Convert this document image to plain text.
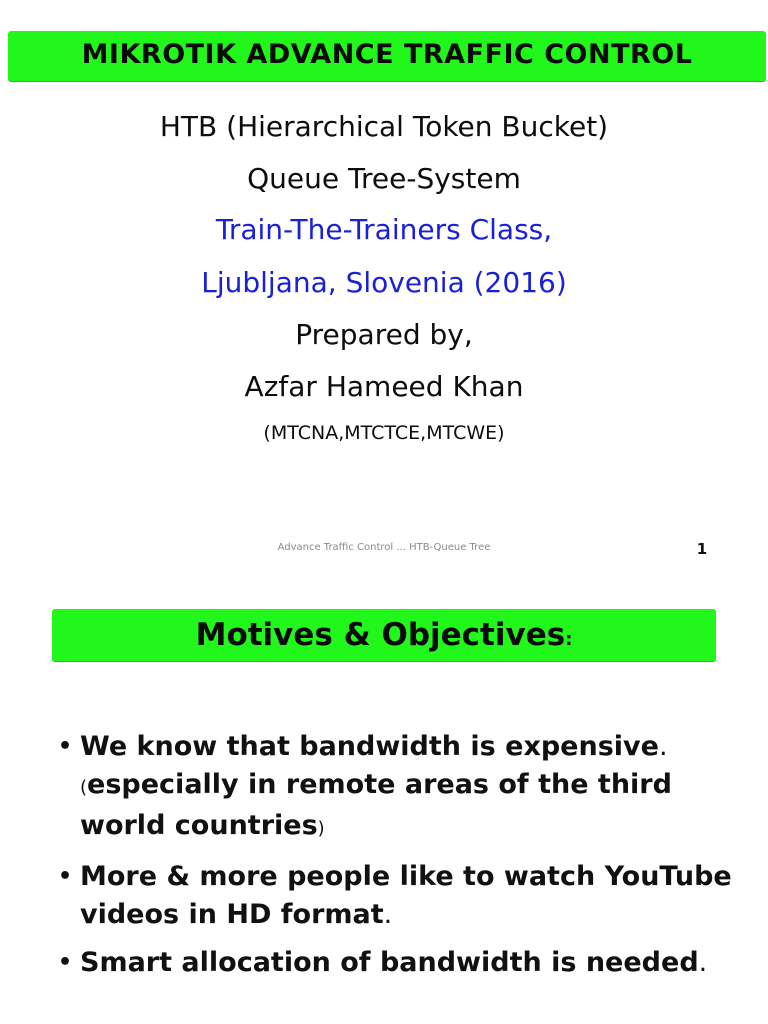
MIKROTIK ADVANCE TRAFFIC CONTROL
HTB (Hierarchical Token Bucket)
Queue Tree-System
Train-The-Trainers Class,
Ljubljana, Slovenia (2016)
Prepared by,
Azfar Hameed Khan
(MTCNA,MTCTCE,MTCWE)
Advance Traffic Control ... HTB-Queue Tree	1
Motives & Objectives:
• We know that bandwidth is expensive. (especially in remote areas of the third world countries)
• More & more people like to watch YouTube videos in HD format.
• Smart allocation of bandwidth is needed.
